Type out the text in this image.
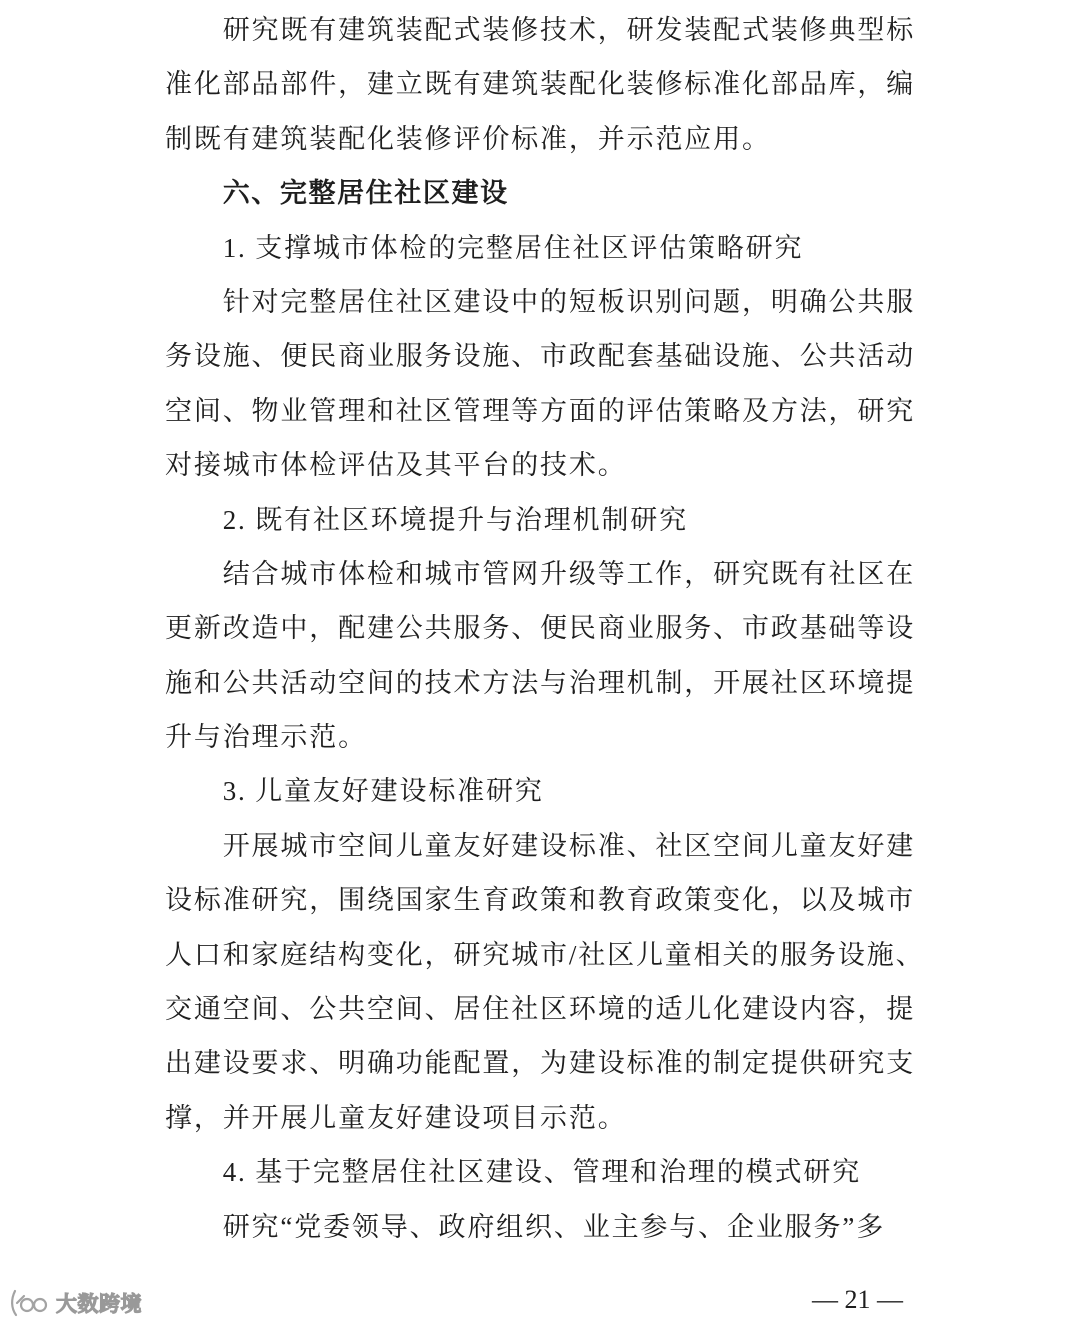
研究既有建筑装配式装修技术，研发装配式装修典型标
准化部品部件，建立既有建筑装配化装修标准化部品库，编
制既有建筑装配化装修评价标准，并示范应用。
六、完整居住社区建设
1. 支撑城市体检的完整居住社区评估策略研究
针对完整居住社区建设中的短板识别问题，明确公共服
务设施、便民商业服务设施、市政配套基础设施、公共活动
空间、物业管理和社区管理等方面的评估策略及方法，研究
对接城市体检评估及其平台的技术。
2. 既有社区环境提升与治理机制研究
结合城市体检和城市管网升级等工作，研究既有社区在
更新改造中，配建公共服务、便民商业服务、市政基础等设
施和公共活动空间的技术方法与治理机制，开展社区环境提
升与治理示范。
3. 儿童友好建设标准研究
开展城市空间儿童友好建设标准、社区空间儿童友好建
设标准研究，围绕国家生育政策和教育政策变化，以及城市
人口和家庭结构变化，研究城市/社区儿童相关的服务设施、
交通空间、公共空间、居住社区环境的适儿化建设内容，提
出建设要求、明确功能配置，为建设标准的制定提供研究支
撑，并开展儿童友好建设项目示范。
4. 基于完整居住社区建设、管理和治理的模式研究
研究“党委领导、政府组织、业主参与、企业服务”多
— 21 —
大数跨境
